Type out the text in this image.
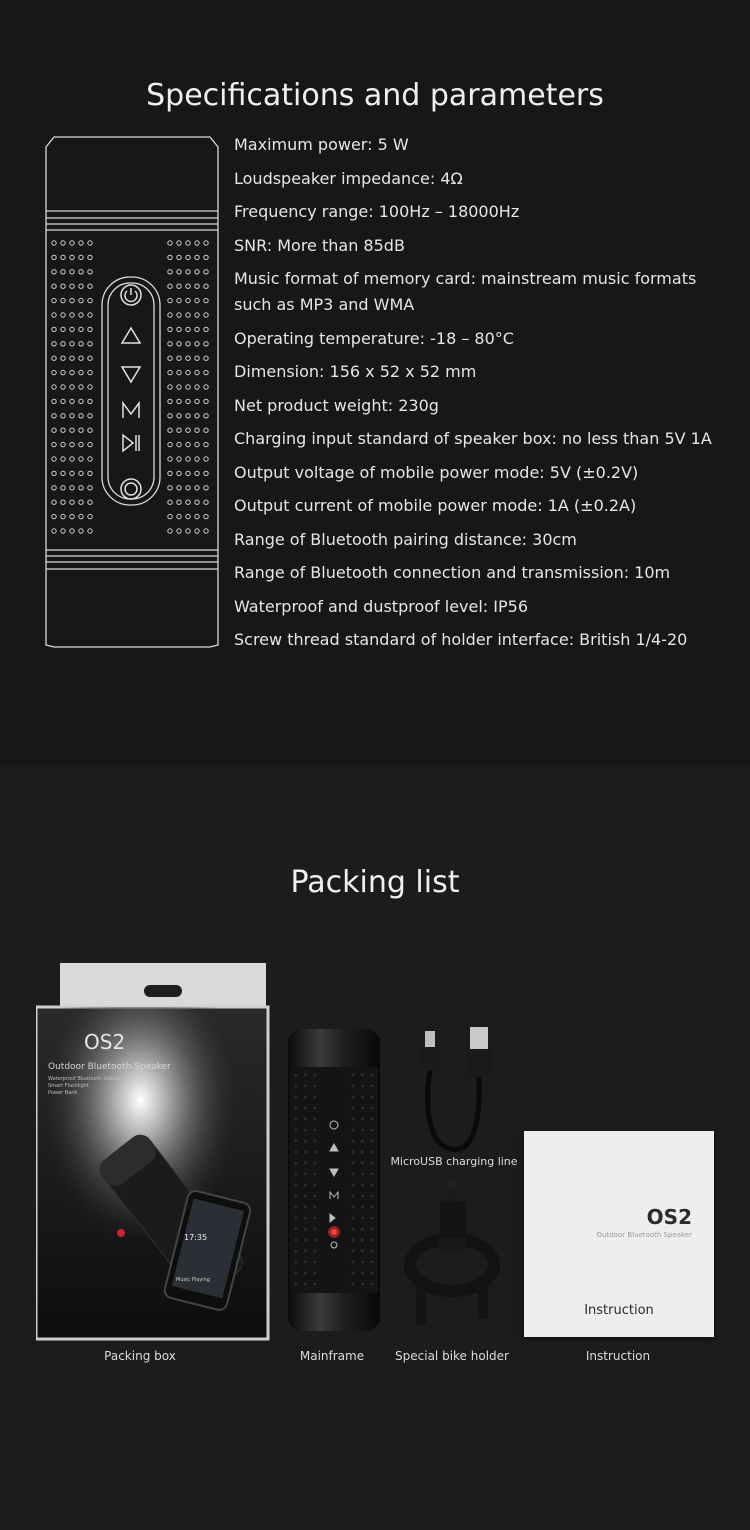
Specifications and parameters
Maximum power: 5 W
Loudspeaker impedance: 4Ω
Frequency range: 100Hz – 18000Hz
SNR: More than 85dB
Music format of memory card: mainstream music formats such as MP3 and WMA
Operating temperature: -18 – 80°C
Dimension: 156 x 52 x 52 mm
Net product weight: 230g
Charging input standard of speaker box: no less than 5V 1A
Output voltage of mobile power mode: 5V (±0.2V)
Output current of mobile power mode: 1A (±0.2A)
Range of Bluetooth pairing distance: 30cm
Range of Bluetooth connection and transmission: 10m
Waterproof and dustproof level: IP56
Screw thread standard of holder interface: British 1/4-20
Packing list
OS2
Outdoor Bluetooth Speaker
Waterproof Bluetooth Speaker
Smart Flashlight
Power Bank
17:35
Music Playing
OS2
Outdoor Bluetooth Speaker
Instruction
Packing box	Mainframe
MicroUSB charging line
Special bike holder	Instruction
